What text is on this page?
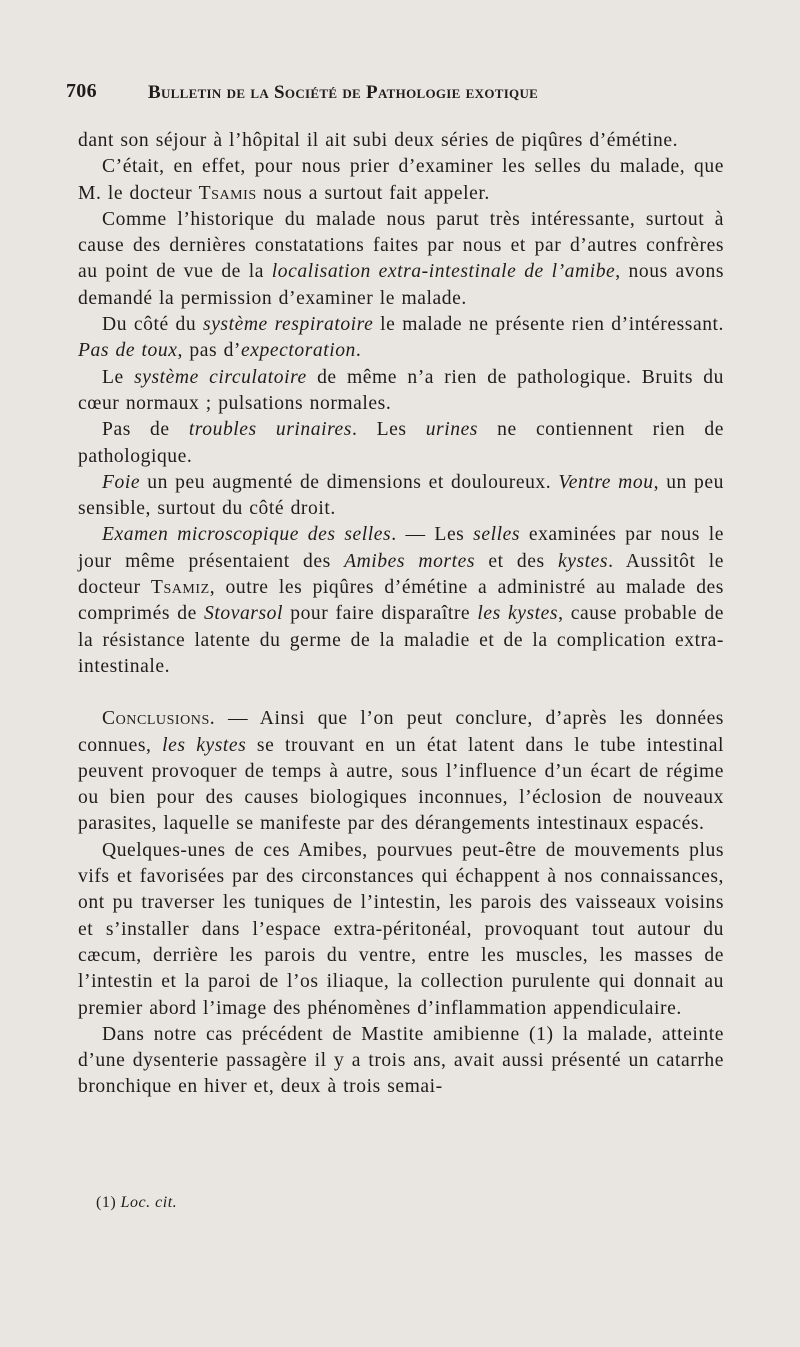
706	Bulletin de la Société de Pathologie exotique

dant son séjour à l’hôpital il ait subi deux séries de piqûres d’émétine.

C’était, en effet, pour nous prier d’examiner les selles du malade, que M. le docteur Tsamis nous a surtout fait appeler.

Comme l’historique du malade nous parut très intéressante, surtout à cause des dernières constatations faites par nous et par d’autres confrères au point de vue de la localisation extra-intestinale de l’amibe, nous avons demandé la permission d’examiner le malade.

Du côté du système respiratoire le malade ne présente rien d’intéressant. Pas de toux, pas d’expectoration.

Le système circulatoire de même n’a rien de pathologique. Bruits du cœur normaux ; pulsations normales.

Pas de troubles urinaires. Les urines ne contiennent rien de pathologique.

Foie un peu augmenté de dimensions et douloureux. Ventre mou, un peu sensible, surtout du côté droit.

Examen microscopique des selles. — Les selles examinées par nous le jour même présentaient des Amibes mortes et des kystes. Aussitôt le docteur Tsamiz, outre les piqûres d’émétine a administré au malade des comprimés de Stovarsol pour faire disparaître les kystes, cause probable de la résistance latente du germe de la maladie et de la complication extra-intestinale.

Conclusions. — Ainsi que l’on peut conclure, d’après les données connues, les kystes se trouvant en un état latent dans le tube intestinal peuvent provoquer de temps à autre, sous l’influence d’un écart de régime ou bien pour des causes biologiques inconnues, l’éclosion de nouveaux parasites, laquelle se manifeste par des dérangements intestinaux espacés.

Quelques-unes de ces Amibes, pourvues peut-être de mouvements plus vifs et favorisées par des circonstances qui échappent à nos connaissances, ont pu traverser les tuniques de l’intestin, les parois des vaisseaux voisins et s’installer dans l’espace extra-péritonéal, provoquant tout autour du cæcum, derrière les parois du ventre, entre les muscles, les masses de l’intestin et la paroi de l’os iliaque, la collection purulente qui donnait au premier abord l’image des phénomènes d’inflammation appendiculaire.

Dans notre cas précédent de Mastite amibienne (1) la malade, atteinte d’une dysenterie passagère il y a trois ans, avait aussi présenté un catarrhe bronchique en hiver et, deux à trois semai-

(1) Loc. cit.
